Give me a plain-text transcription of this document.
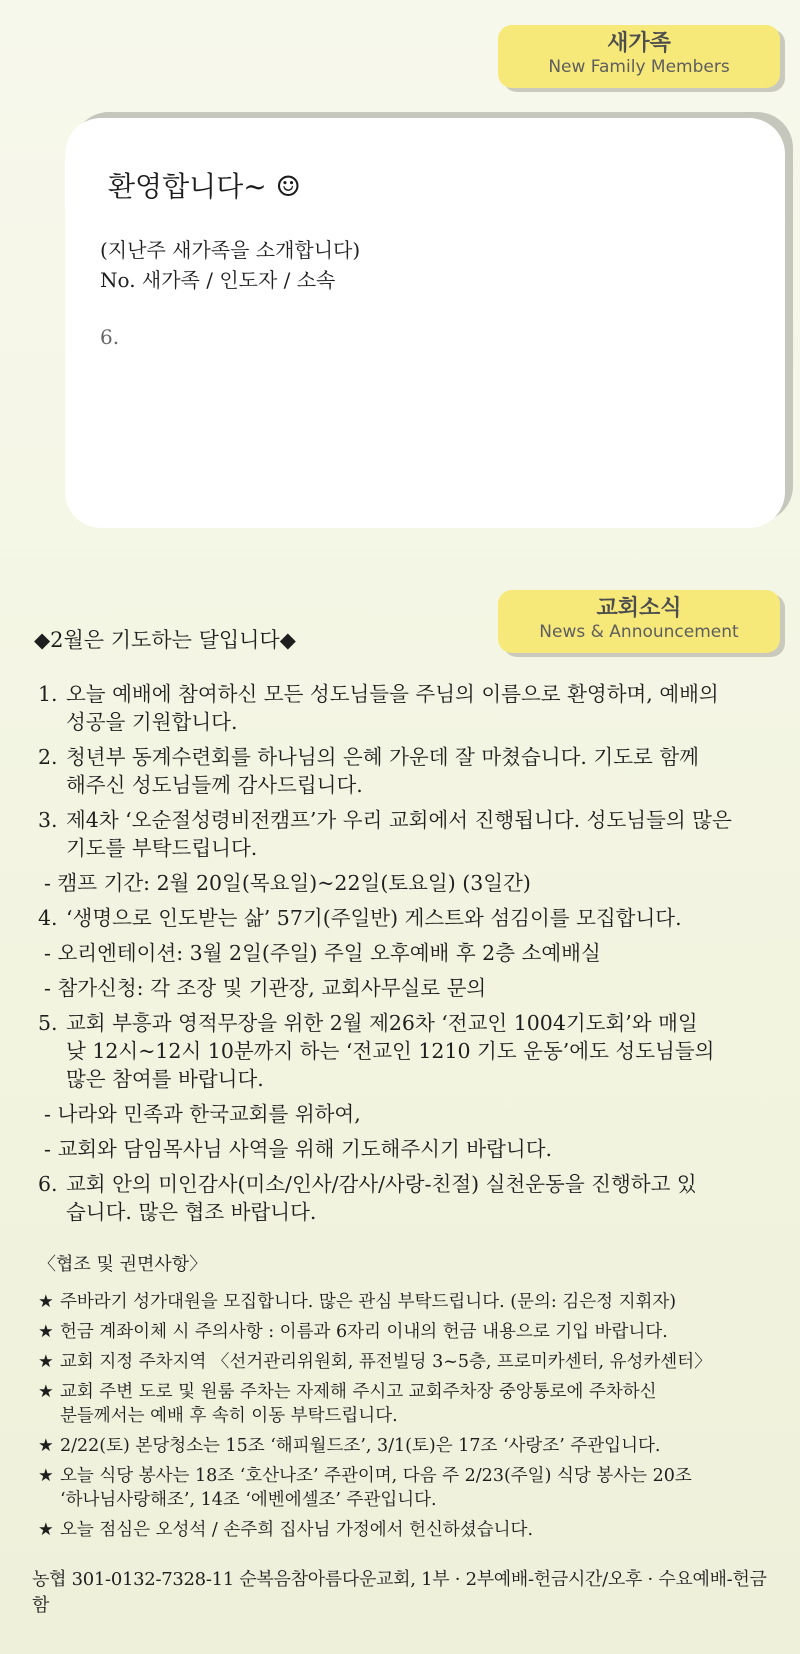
새가족
New Family Members
환영합니다~ ☺
(지난주 새가족을 소개합니다)
No. 새가족 / 인도자 / 소속
6.
교회소식
News & Announcement
◆2월은 기도하는 달입니다◆
1. 오늘 예배에 참여하신 모든 성도님들을 주님의 이름으로 환영하며, 예배의
성공을 기원합니다.
2. 청년부 동계수련회를 하나님의 은혜 가운데 잘 마쳤습니다. 기도로 함께
해주신 성도님들께 감사드립니다.
3. 제4차 ‘오순절성령비전캠프’가 우리 교회에서 진행됩니다. 성도님들의 많은
기도를 부탁드립니다.
- 캠프 기간: 2월 20일(목요일)~22일(토요일) (3일간)
4. ‘생명으로 인도받는 삶’ 57기(주일반) 게스트와 섬김이를 모집합니다.
- 오리엔테이션: 3월 2일(주일) 주일 오후예배 후 2층 소예배실
- 참가신청: 각 조장 및 기관장, 교회사무실로 문의
5. 교회 부흥과 영적무장을 위한 2월 제26차 ‘전교인 1004기도회’와 매일
낮 12시~12시 10분까지 하는 ‘전교인 1210 기도 운동’에도 성도님들의
많은 참여를 바랍니다.
- 나라와 민족과 한국교회를 위하여,
- 교회와 담임목사님 사역을 위해 기도해주시기 바랍니다.
6. 교회 안의 미인감사(미소/인사/감사/사랑-친절) 실천운동을 진행하고 있
습니다. 많은 협조 바랍니다.
〈협조 및 권면사항〉
★ 주바라기 성가대원을 모집합니다. 많은 관심 부탁드립니다. (문의: 김은정 지휘자)
★ 헌금 계좌이체 시 주의사항 : 이름과 6자리 이내의 헌금 내용으로 기입 바랍니다.
★ 교회 지정 주차지역 〈선거관리위원회, 퓨전빌딩 3~5층, 프로미카센터, 유성카센터〉
★ 교회 주변 도로 및 원룸 주차는 자제해 주시고 교회주차장 중앙통로에 주차하신
분들께서는 예배 후 속히 이동 부탁드립니다.
★ 2/22(토) 본당청소는 15조 ‘해피월드조’, 3/1(토)은 17조 ‘사랑조’ 주관입니다.
★ 오늘 식당 봉사는 18조 ‘호산나조’ 주관이며, 다음 주 2/23(주일) 식당 봉사는 20조
‘하나님사랑해조’, 14조 ‘에벤에셀조’ 주관입니다.
★ 오늘 점심은 오성석 / 손주희 집사님 가정에서 헌신하셨습니다.
농협 301-0132-7328-11 순복음참아름다운교회, 1부 · 2부예배-헌금시간/오후 · 수요예배-헌금함
